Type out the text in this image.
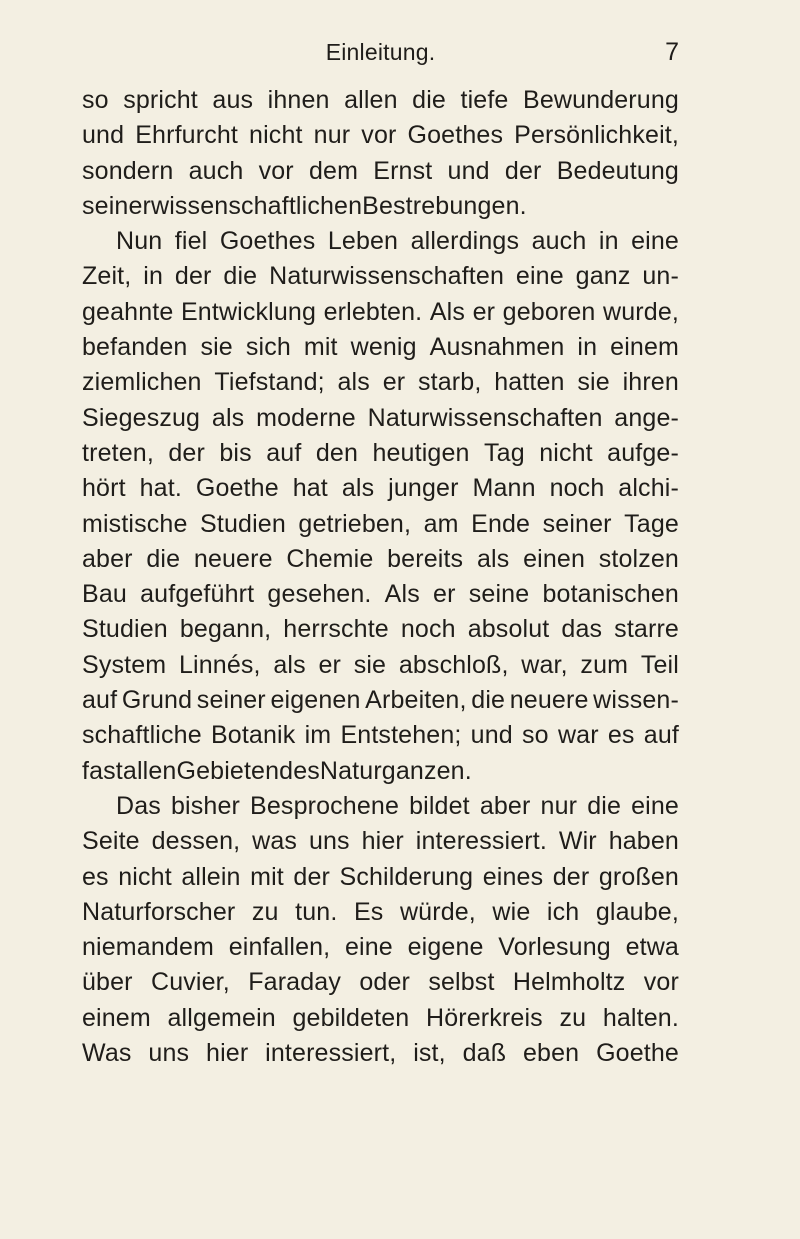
Einleitung.	7
so spricht aus ihnen allen die tiefe Bewunderung
und Ehrfurcht nicht nur vor Goethes Persönlichkeit,
sondern auch vor dem Ernst und der Bedeutung
seiner wissenschaftlichen Bestrebungen.
Nun fiel Goethes Leben allerdings auch in eine
Zeit, in der die Naturwissenschaften eine ganz un-
geahnte Entwicklung erlebten. Als er geboren wurde,
befanden sie sich mit wenig Ausnahmen in einem
ziemlichen Tiefstand; als er starb, hatten sie ihren
Siegeszug als moderne Naturwissenschaften ange-
treten, der bis auf den heutigen Tag nicht aufge-
hört hat. Goethe hat als junger Mann noch alchi-
mistische Studien getrieben, am Ende seiner Tage
aber die neuere Chemie bereits als einen stolzen
Bau aufgeführt gesehen. Als er seine botanischen
Studien begann, herrschte noch absolut das starre
System Linnés, als er sie abschloß, war, zum Teil
auf Grund seiner eigenen Arbeiten, die neuere wissen-
schaftliche Botanik im Entstehen; und so war es auf
fast allen Gebieten des Naturganzen.
Das bisher Besprochene bildet aber nur die eine
Seite dessen, was uns hier interessiert. Wir haben
es nicht allein mit der Schilderung eines der großen
Naturforscher zu tun. Es würde, wie ich glaube,
niemandem einfallen, eine eigene Vorlesung etwa
über Cuvier, Faraday oder selbst Helmholtz vor
einem allgemein gebildeten Hörerkreis zu halten.
Was uns hier interessiert, ist, daß eben Goethe
